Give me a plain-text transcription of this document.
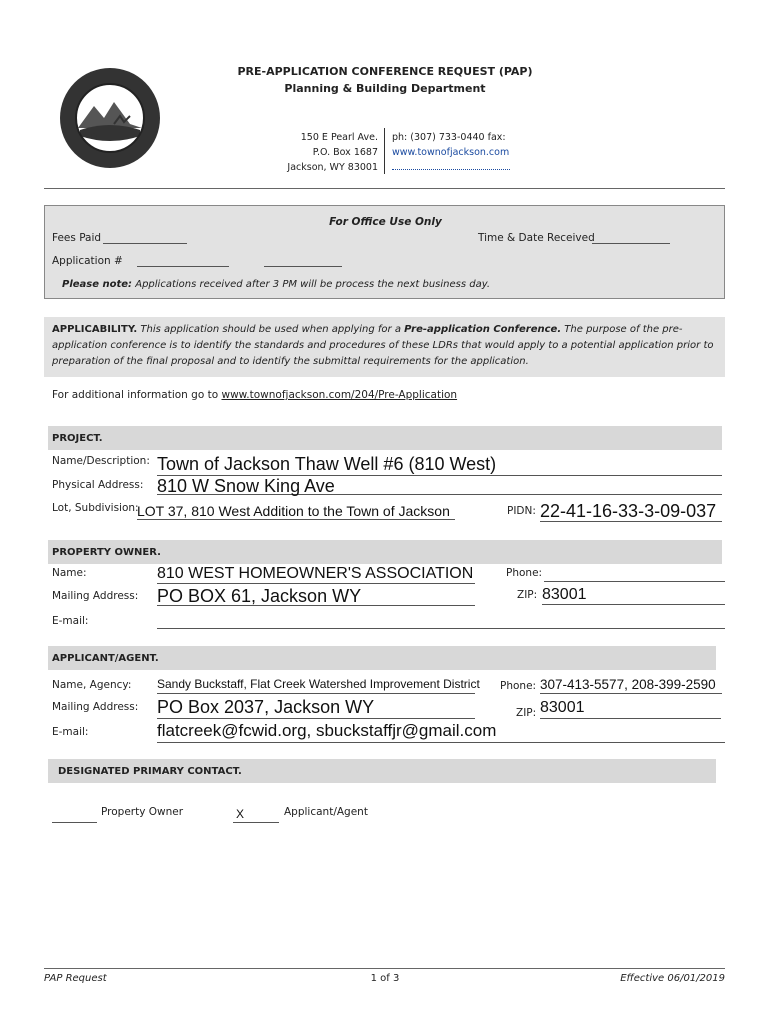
PRE-APPLICATION CONFERENCE REQUEST (PAP)
Planning & Building Department
150 E Pearl Ave.
P.O. Box 1687
Jackson, WY 83001
ph: (307) 733-0440 fax:
www.townofjackson.com
For Office Use Only
Fees Paid	Time & Date Received
Application #
Please note: Applications received after 3 PM will be process the next business day.
APPLICABILITY. This application should be used when applying for a Pre-application Conference. The purpose of the pre-application conference is to identify the standards and procedures of these LDRs that would apply to a potential application prior to preparation of the final proposal and to identify the submittal requirements for the application.
For additional information go to www.townofjackson.com/204/Pre-Application
PROJECT.
Name/Description: Town of Jackson Thaw Well #6 (810 West)
Physical Address: 810 W Snow King Ave
Lot, Subdivision:
LOT 37, 810 West Addition to the Town of Jackson	PIDN: 22-41-16-33-3-09-037
PROPERTY OWNER.
Name:	810 WEST HOMEOWNER'S ASSOCIATION	Phone:
Mailing Address: PO BOX 61, Jackson WY	ZIP: 83001
E-mail:
APPLICANT/AGENT.
Name, Agency: Sandy Buckstaff, Flat Creek Watershed Improvement District Phone: 307-413-5577, 208-399-2590
Mailing Address: PO Box 2037, Jackson WY	ZIP: 83001
E-mail:	flatcreek@fcwid.org, sbuckstaffjr@gmail.com
DESIGNATED PRIMARY CONTACT.
Property Owner	X	Applicant/Agent
PAP Request	1 of 3	Effective 06/01/2019
